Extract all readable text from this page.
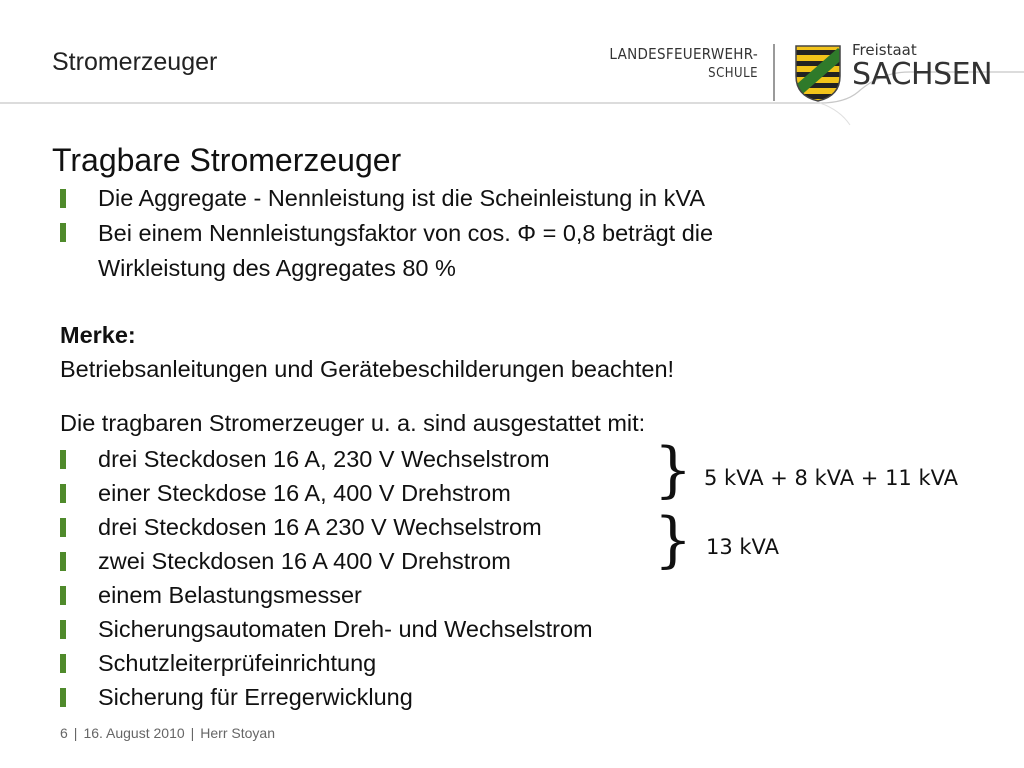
Stromerzeuger	LANDESFEUERWEHR-
SCHULE
Freistaat
SACHSEN
Tragbare Stromerzeuger
Die Aggregate - Nennleistung ist die Scheinleistung in kVA
Bei einem Nennleistungsfaktor von cos. Φ = 0,8 beträgt die
Wirkleistung des Aggregates 80 %
Merke:
Betriebsanleitungen und Gerätebeschilderungen beachten!
Die tragbaren Stromerzeuger u. a. sind ausgestattet mit:
drei Steckdosen 16 A, 230 V Wechselstrom
einer Steckdose 16 A, 400 V Drehstrom
drei Steckdosen 16 A 230 V Wechselstrom
zwei Steckdosen 16 A 400 V Drehstrom
einem Belastungsmesser
Sicherungsautomaten Dreh- und Wechselstrom
Schutzleiterprüfeinrichtung
Sicherung für Erregerwicklung
} 5 kVA + 8 kVA + 11 kVA
} 13 kVA
6 | 16. August 2010 | Herr Stoyan
